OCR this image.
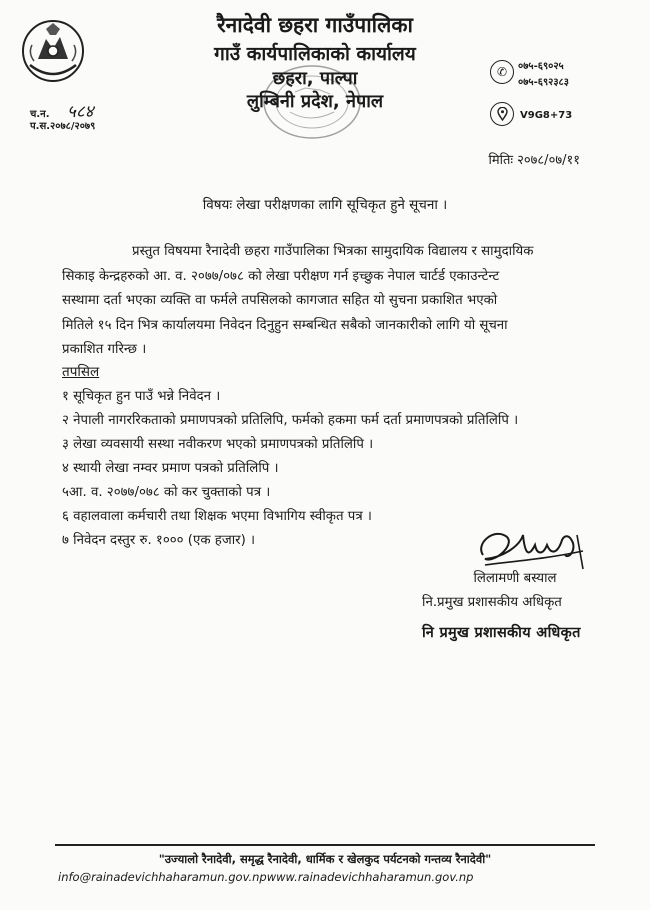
रैनादेवी छहरा गाउँपालिका
गाउँ कार्यपालिकाको कार्यालय
छहरा, पाल्पा
लुम्बिनी प्रदेश, नेपाल
च.न. ५८४
प.स.२०७८/२०७९
✆	०७५-६९०२५
०७५-६९२३८३
V9G8+73
मितिः २०७८/०७/११
विषयः लेखा परीक्षणका लागि सूचिकृत हुने सूचना ।
प्रस्तुत विषयमा रैनादेवी छहरा गाउँपालिका भित्रका सामुदायिक विद्यालय र सामुदायिक
सिकाइ केन्द्रहरुको आ. व. २०७७/०७८ को लेखा परीक्षण गर्न इच्छुक नेपाल चार्टर्ड एकाउन्टेन्ट
सस्थामा दर्ता भएका व्यक्ति वा फर्मले तपसिलको कागजात सहित यो सुचना प्रकाशित भएको
मितिले १५ दिन भित्र कार्यालयमा निवेदन दिनुहुन सम्बन्धित सबैको जानकारीको लागि यो सूचना
प्रकाशित गरिन्छ ।
तपसिल
१ सूचिकृत हुन पाउँ भन्ने निवेदन ।
२ नेपाली नागररिकताको प्रमाणपत्रको प्रतिलिपि, फर्मको हकमा फर्म दर्ता प्रमाणपत्रको प्रतिलिपि ।
३ लेखा व्यवसायी सस्था नवीकरण भएको प्रमाणपत्रको प्रतिलिपि ।
४ स्थायी लेखा नम्वर प्रमाण पत्रको प्रतिलिपि ।
५आ. व. २०७७/०७८ को कर चुक्ताको पत्र ।
६ वहालवाला कर्मचारी तथा शिक्षक भएमा विभागिय स्वीकृत पत्र ।
७ निवेदन दस्तुर रु. १००० (एक हजार) ।
लिलामणी बस्याल
नि.प्रमुख प्रशासकीय अधिकृत
नि प्रमुख प्रशासकीय अधिकृत
"उज्यालो रैनादेवी, समृद्ध रैनादेवी, धार्मिक र खेलकुद पर्यटनको गन्तव्य रैनादेवी"
info@rainadevichhaharamun.gov.npwww.rainadevichhaharamun.gov.np
